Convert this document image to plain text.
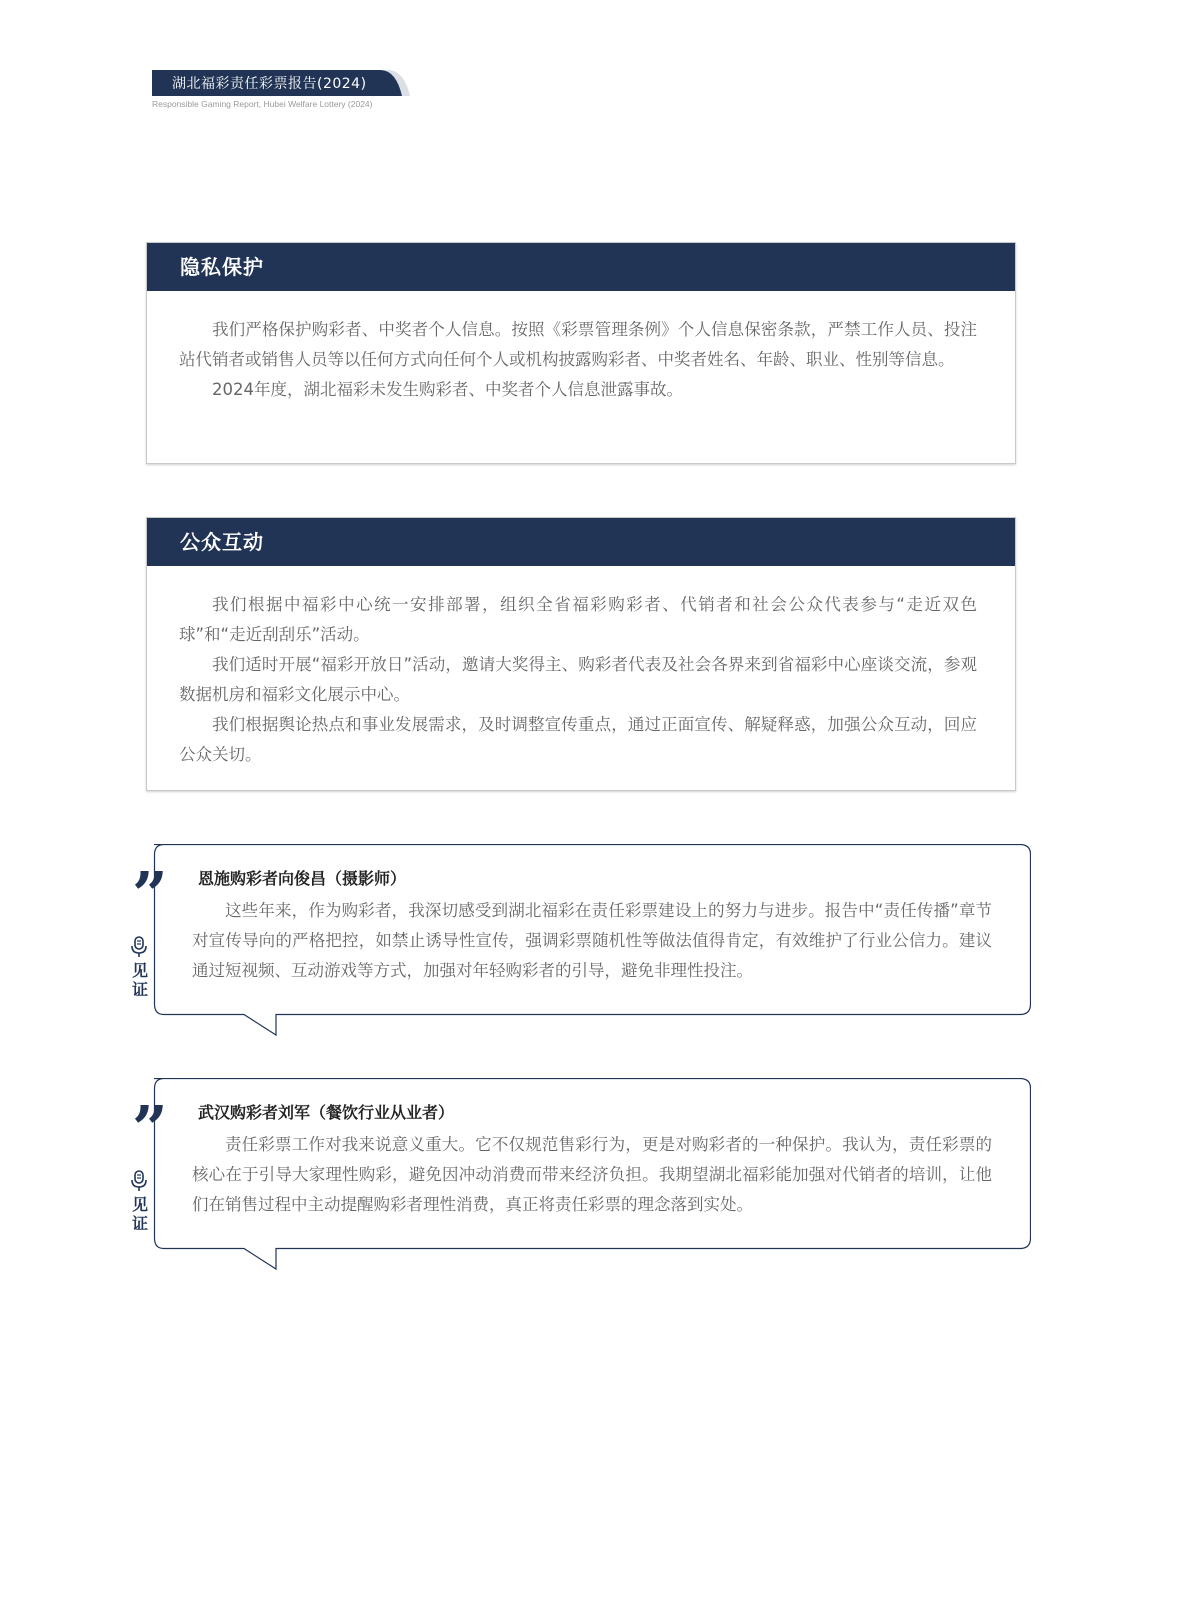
湖北福彩责任彩票报告(2024)
Responsible Gaming Report, Hubei Welfare Lottery (2024)
隐私保护

我们严格保护购彩者、中奖者个人信息。按照《彩票管理条例》个人信息保密条款，严禁工作人员、投注站代销者或销售人员等以任何方式向任何个人或机构披露购彩者、中奖者姓名、年龄、职业、性别等信息。

2024年度，湖北福彩未发生购彩者、中奖者个人信息泄露事故。

公众互动

我们根据中福彩中心统一安排部署，组织全省福彩购彩者、代销者和社会公众代表参与“走近双色球”和“走近刮刮乐”活动。

我们适时开展“福彩开放日”活动，邀请大奖得主、购彩者代表及社会各界来到省福彩中心座谈交流，参观数据机房和福彩文化展示中心。

我们根据舆论热点和事业发展需求，及时调整宣传重点，通过正面宣传、解疑释惑，加强公众互动，回应公众关切。

”
见证
恩施购彩者向俊昌（摄影师）

这些年来，作为购彩者，我深切感受到湖北福彩在责任彩票建设上的努力与进步。报告中“责任传播”章节对宣传导向的严格把控，如禁止诱导性宣传，强调彩票随机性等做法值得肯定，有效维护了行业公信力。建议通过短视频、互动游戏等方式，加强对年轻购彩者的引导，避免非理性投注。

”
见证
武汉购彩者刘军（餐饮行业从业者）

责任彩票工作对我来说意义重大。它不仅规范售彩行为，更是对购彩者的一种保护。我认为，责任彩票的核心在于引导大家理性购彩，避免因冲动消费而带来经济负担。我期望湖北福彩能加强对代销者的培训，让他们在销售过程中主动提醒购彩者理性消费，真正将责任彩票的理念落到实处。
